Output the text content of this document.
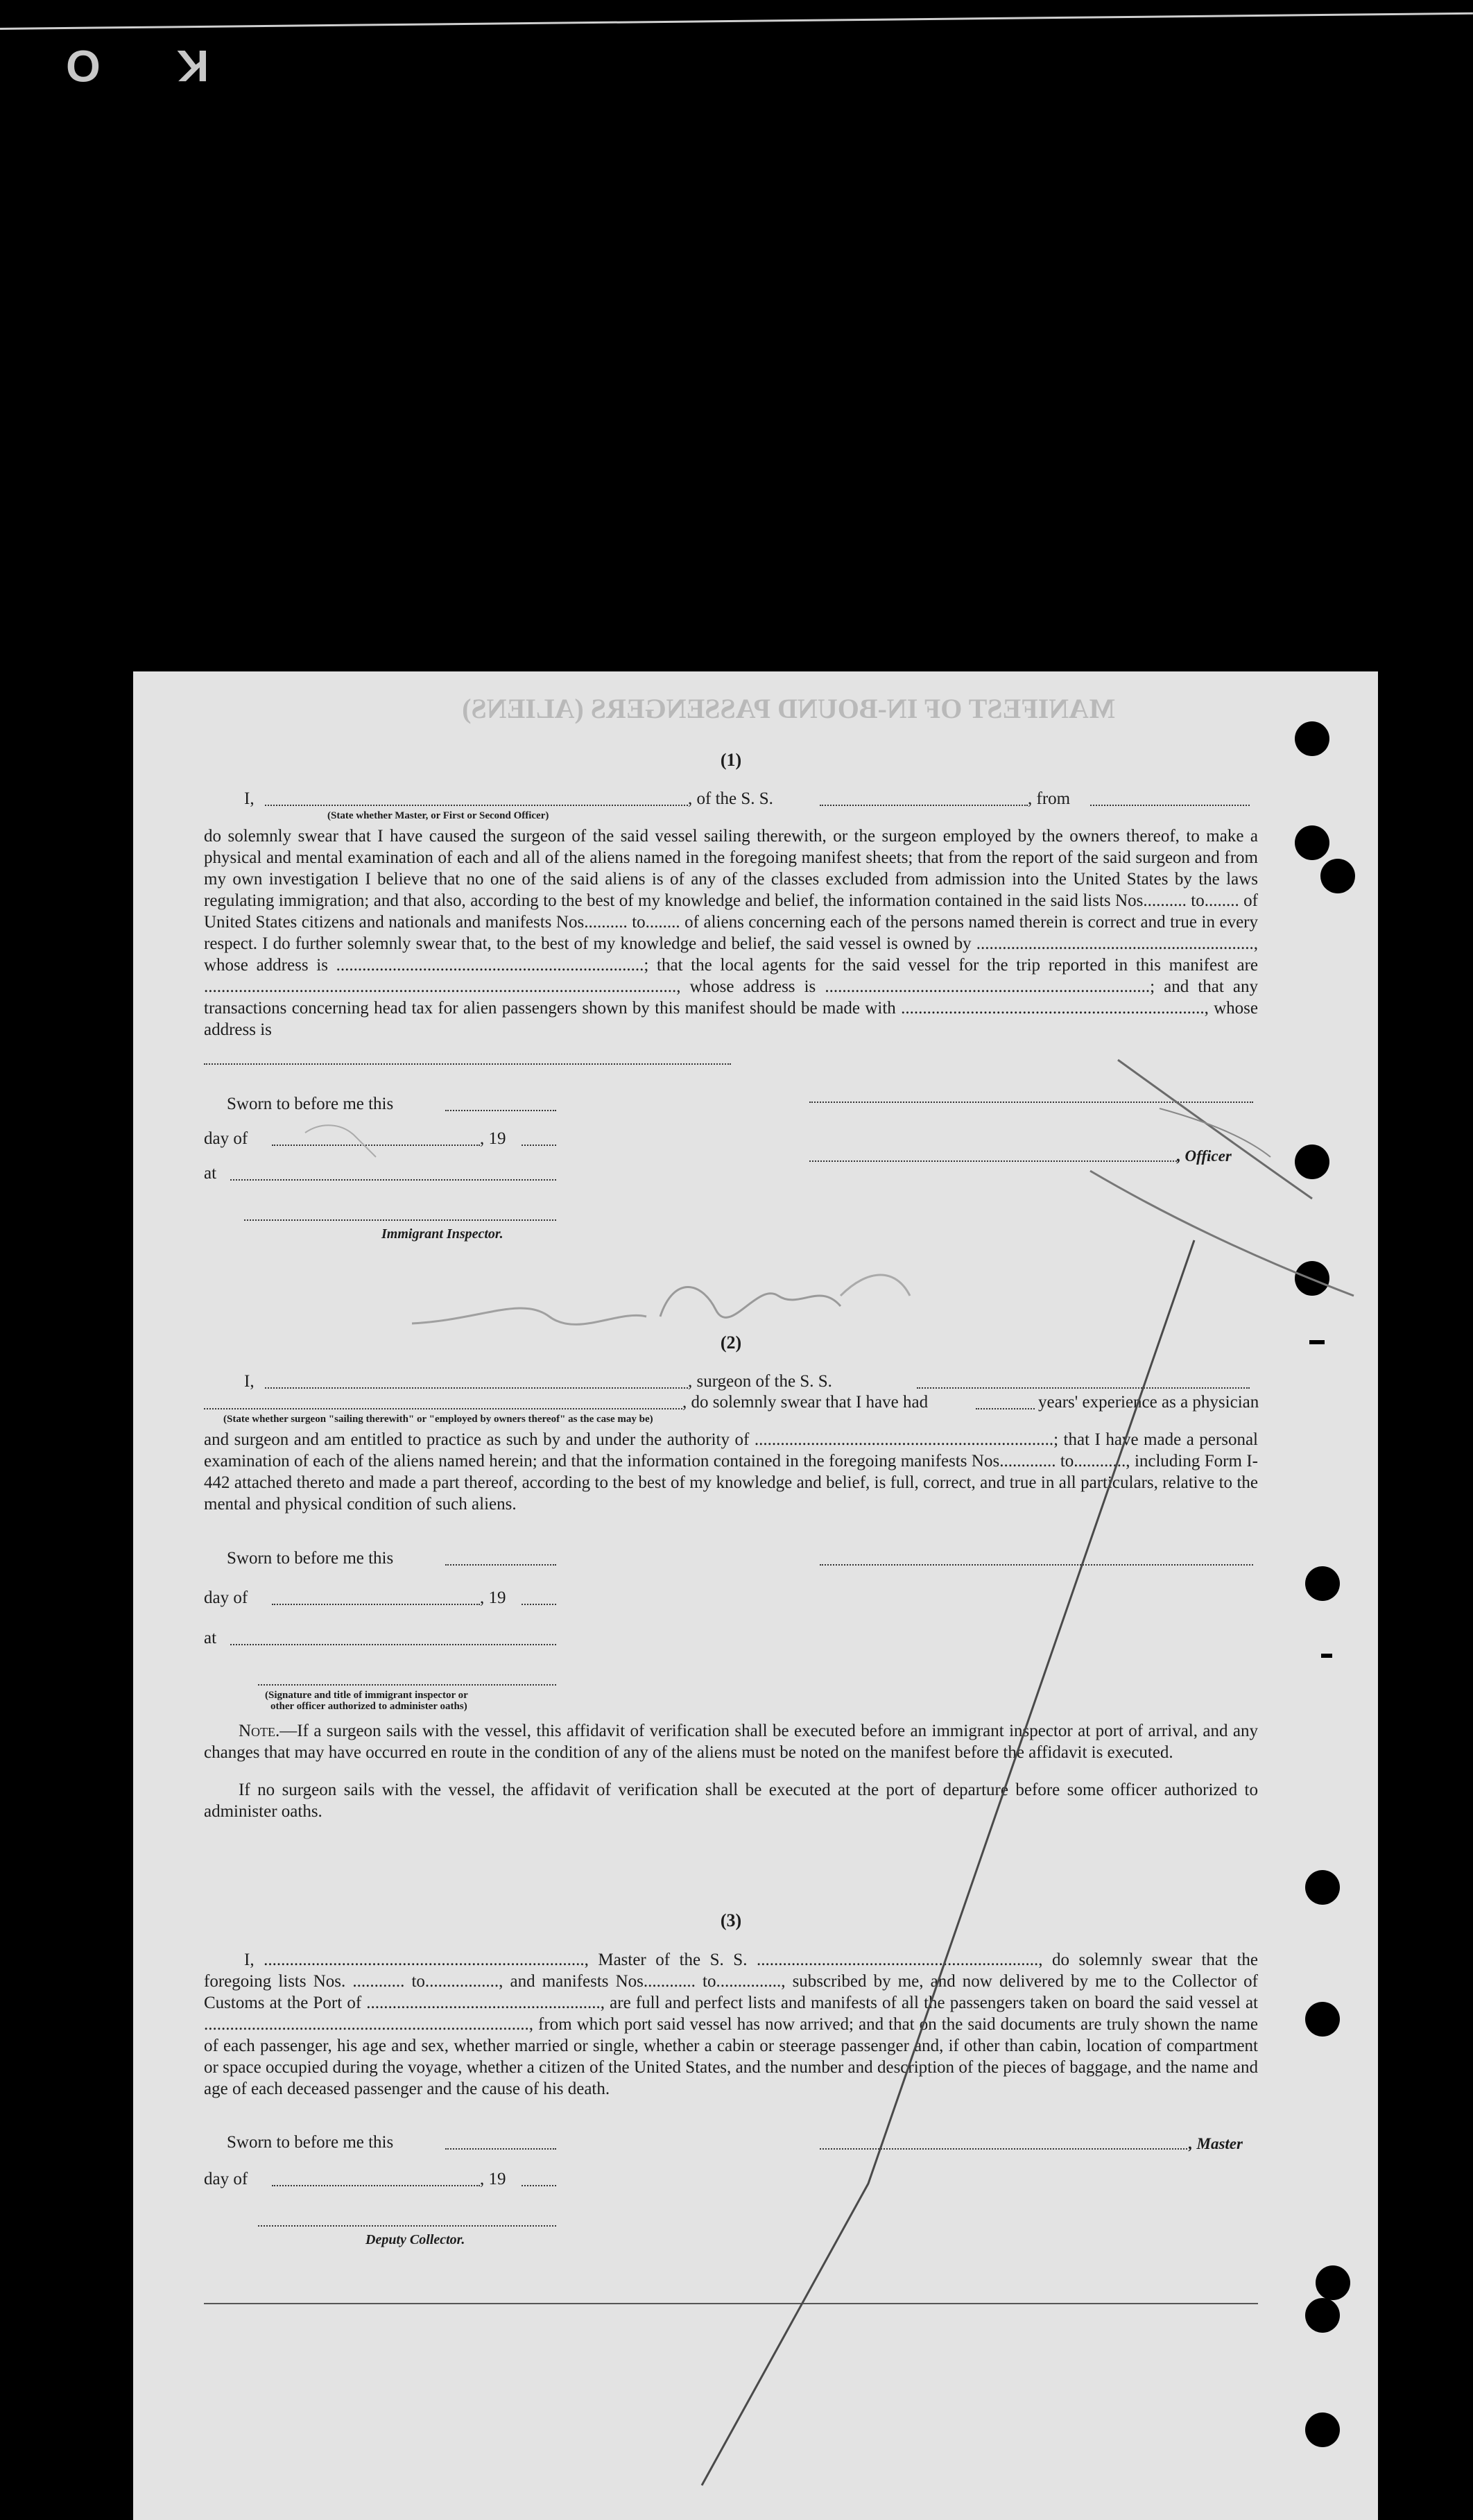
O K
MANIFEST OF IN-BOUND PASSENGERS (ALIENS)
(1)
I,	, of the S. S.	, from
(State whether Master, or First or Second Officer)

do solemnly swear that I have caused the surgeon of the said vessel sailing therewith, or the surgeon employed by the owners thereof, to make a physical and mental examination of each and all of the aliens named in the foregoing manifest sheets; that from the report of the said surgeon and from my own investigation I believe that no one of the said aliens is of any of the classes excluded from admission into the United States by the laws regulating immigration; and that also, according to the best of my knowledge and belief, the information contained in the said lists Nos.......... to........ of United States citizens and nationals and manifests Nos.......... to........ of aliens concerning each of the persons named therein is correct and true in every respect. I do further solemnly swear that, to the best of my knowledge and belief, the said vessel is owned by ................................................................, whose address is .......................................................................; that the local agents for the said vessel for the trip reported in this manifest are ............................................................................................................., whose address is ...........................................................................; and that any transactions concerning head tax for alien passengers shown by this manifest should be made with ......................................................................, whose address is

Sworn to before me this
day of	, 19
, Officer
at
Immigrant Inspector.
(2)
I,	, surgeon of the S. S.
, do solemnly swear that I have had	years' experience as a physician
(State whether surgeon "sailing therewith" or "employed by owners thereof" as the case may be)

and surgeon and am entitled to practice as such by and under the authority of .....................................................................; that I have made a personal examination of each of the aliens named herein; and that the information contained in the foregoing manifests Nos............. to............, including Form I-442 attached thereto and made a part thereof, according to the best of my knowledge and belief, is full, correct, and true in all particulars, relative to the mental and physical condition of such aliens.

Sworn to before me this
day of	, 19
at
(Signature and title of immigrant inspector or
other officer authorized to administer oaths)

Note.—If a surgeon sails with the vessel, this affidavit of verification shall be executed before an immigrant inspector at port of arrival, and any changes that may have occurred en route in the condition of any of the aliens must be noted on the manifest before the affidavit is executed.

If no surgeon sails with the vessel, the affidavit of verification shall be executed at the port of departure before some officer authorized to administer oaths.

(3)

I, .........................................................................., Master of the S. S. ................................................................., do solemnly swear that the foregoing lists Nos. ............ to................., and manifests Nos............ to..............., subscribed by me, and now delivered by me to the Collector of Customs at the Port of ......................................................, are full and perfect lists and manifests of all the passengers taken on board the said vessel at ..........................................................................., from which port said vessel has now arrived; and that on the said documents are truly shown the name of each passenger, his age and sex, whether married or single, whether a cabin or steerage passenger and, if other than cabin, location of compartment or space occupied during the voyage, whether a citizen of the United States, and the number and description of the pieces of baggage, and the name and age of each deceased passenger and the cause of his death.

Sworn to before me this	, Master
day of	, 19
Deputy Collector.
